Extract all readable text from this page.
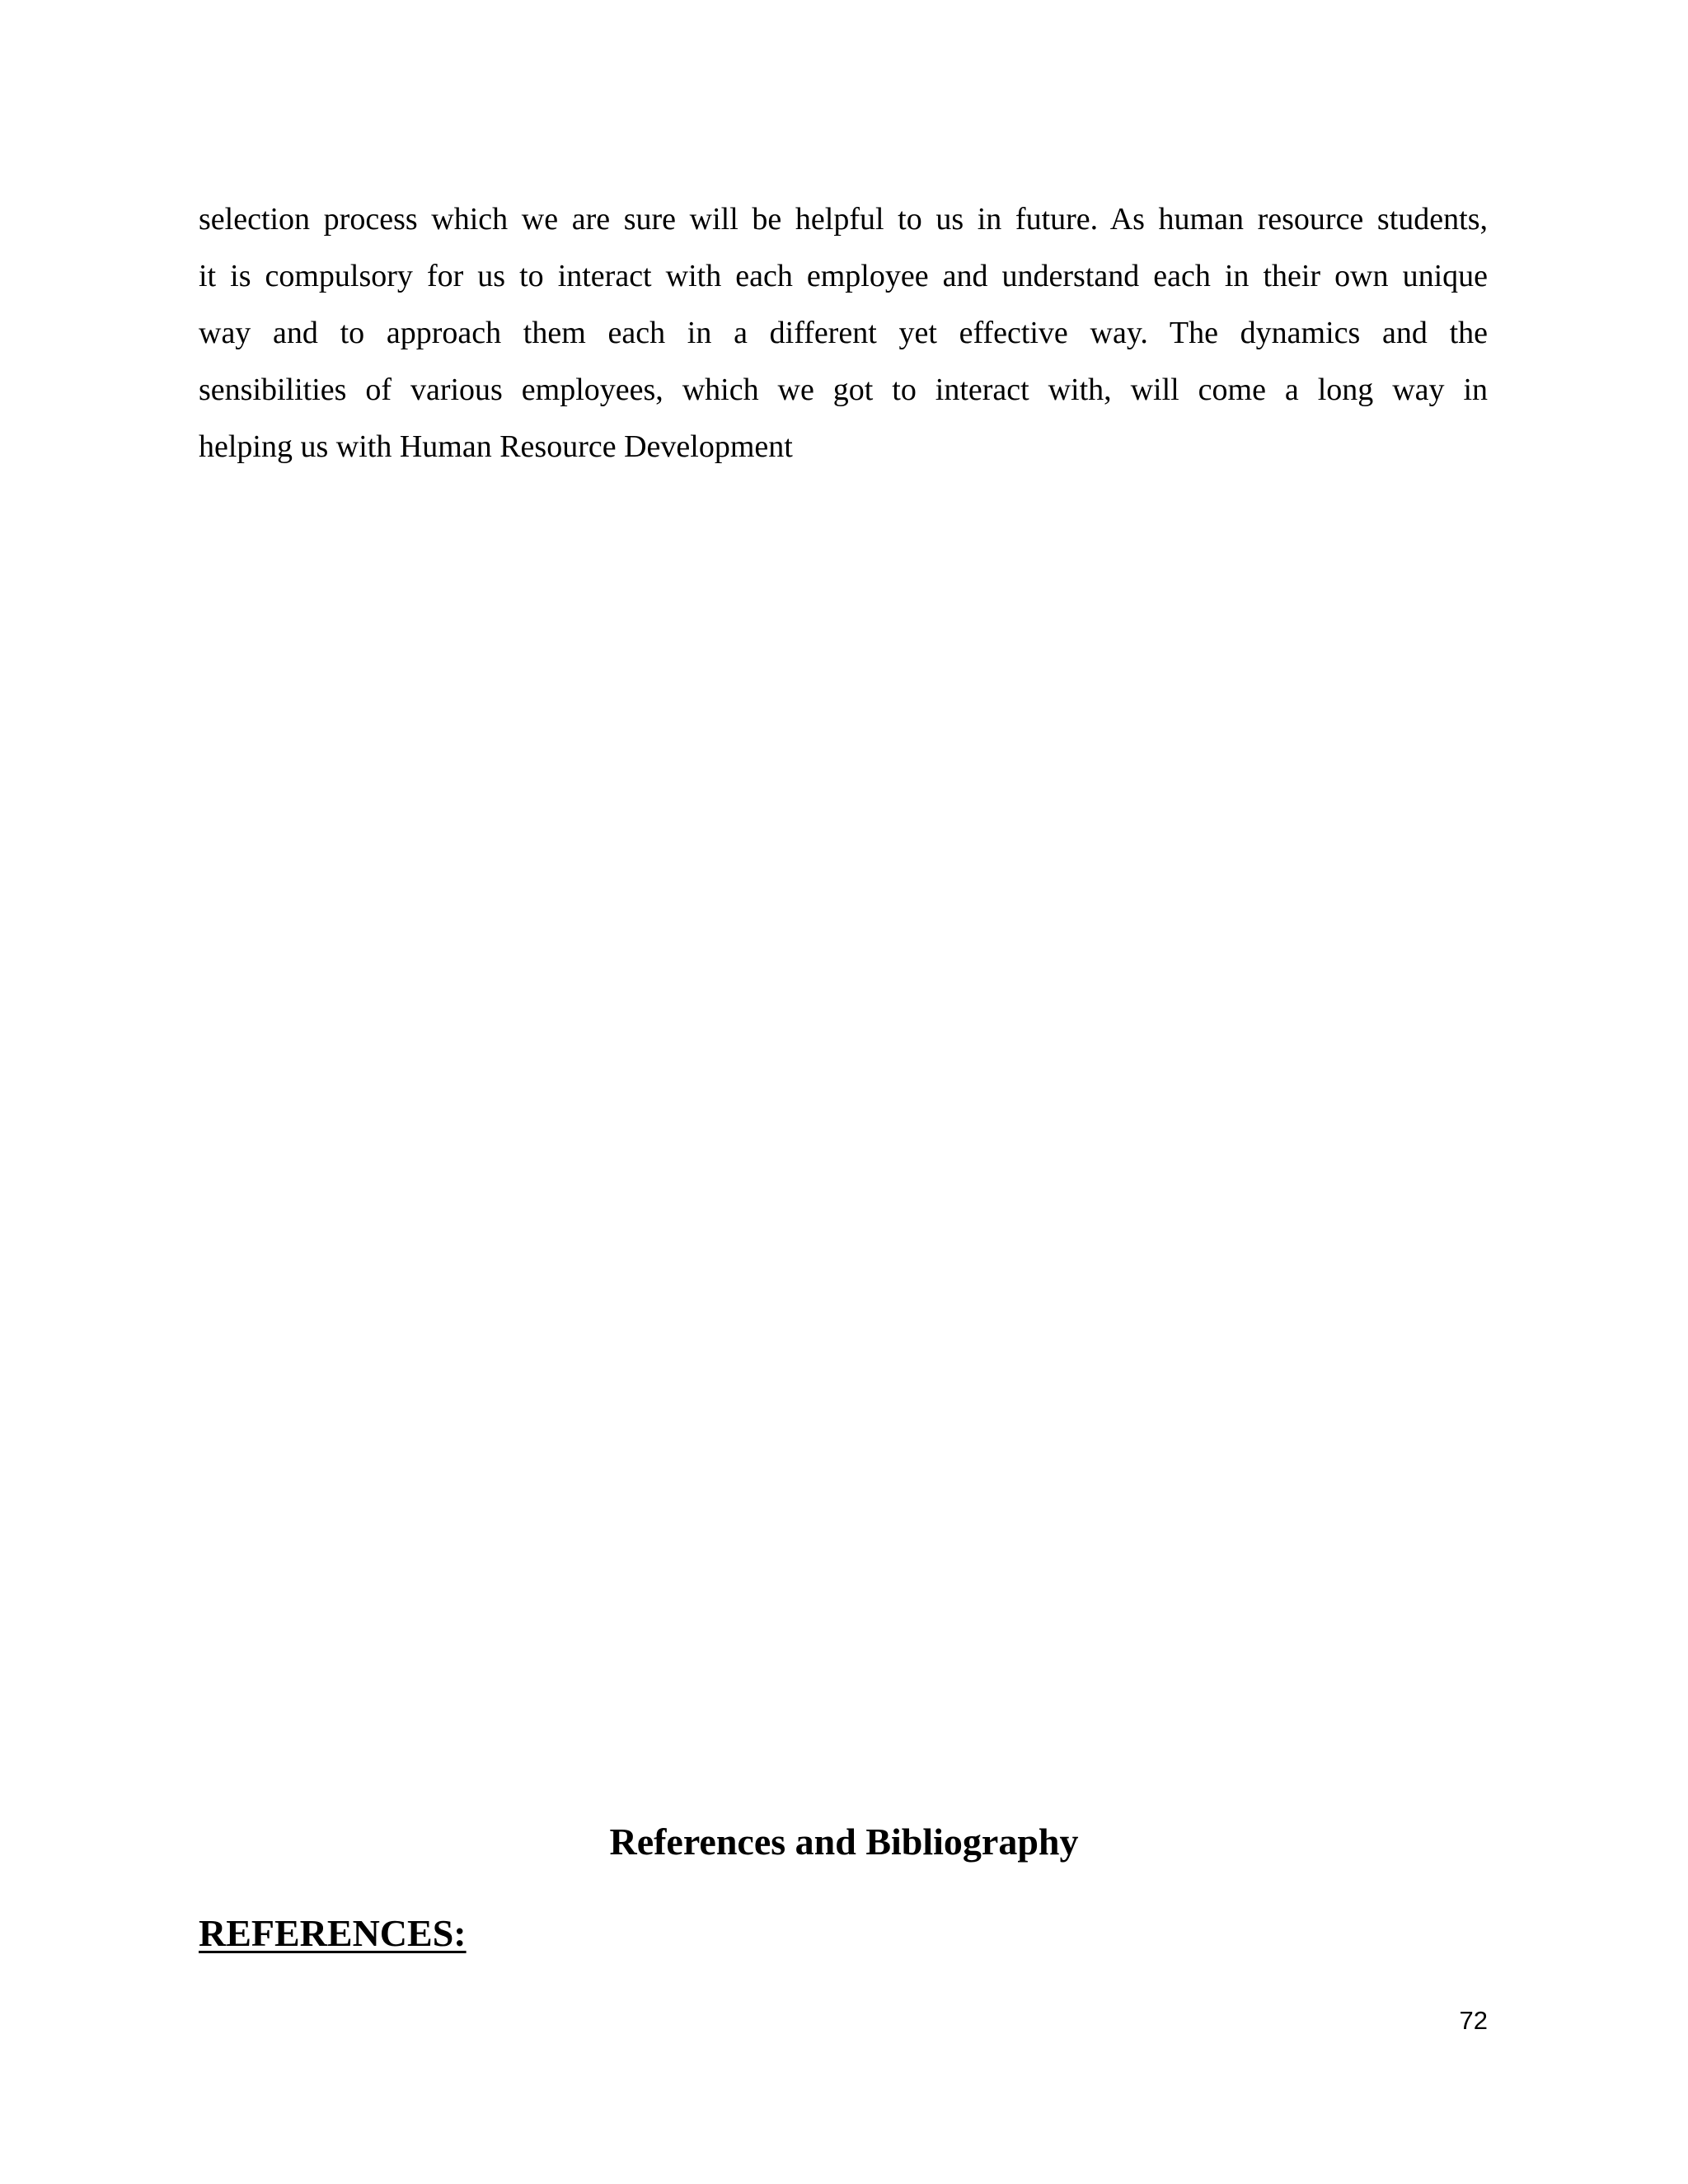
selection process which we are sure will be helpful to us in future. As human resource students,
it is compulsory for us to interact with each employee and understand each in their own unique
way and to approach them each in a different yet effective way. The dynamics and the
sensibilities of various employees, which we got to interact with, will come a long way in
helping us with Human Resource Development
References and Bibliography
REFERENCES:
72
